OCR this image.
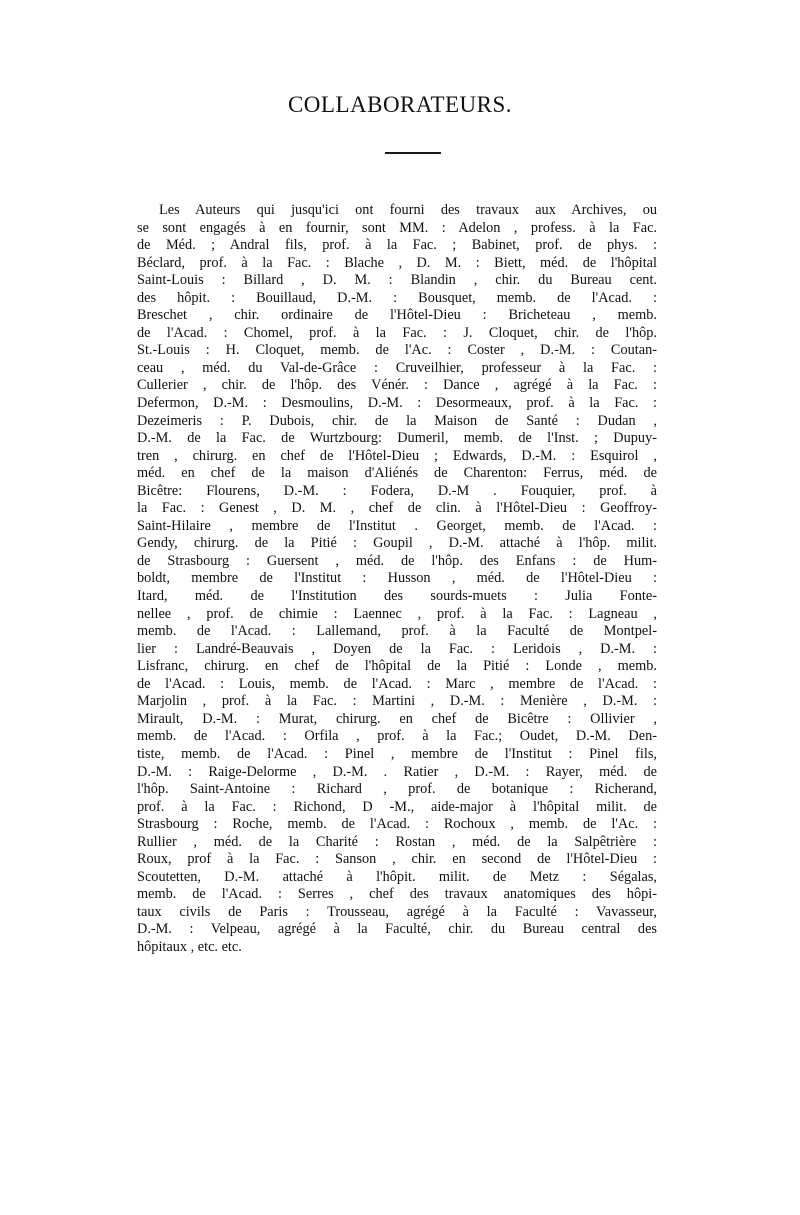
COLLABORATEURS.
Les Auteurs qui jusqu'ici ont fourni des travaux aux Archives, ou
se sont engagés à en fournir, sont MM. : Adelon , profess. à la Fac.
de Méd. ; Andral fils, prof. à la Fac. ; Babinet, prof. de phys. :
Béclard, prof. à la Fac. : Blache , D. M. : Biett, méd. de l'hôpital
Saint-Louis : Billard , D. M. : Blandin , chir. du Bureau cent.
des hôpit. : Bouillaud, D.-M. : Bousquet, memb. de l'Acad. :
Breschet , chir. ordinaire de l'Hôtel-Dieu : Bricheteau , memb.
de l'Acad. : Chomel, prof. à la Fac. : J. Cloquet, chir. de l'hôp.
St.-Louis : H. Cloquet, memb. de l'Ac. : Coster , D.-M. : Coutan-
ceau , méd. du Val-de-Grâce : Cruveilhier, professeur à la Fac. :
Cullerier , chir. de l'hôp. des Vénér. : Dance , agrégé à la Fac. :
Defermon, D.-M. : Desmoulins, D.-M. : Desormeaux, prof. à la Fac. :
Dezeimeris : P. Dubois, chir. de la Maison de Santé : Dudan ,
D.-M. de la Fac. de Wurtzbourg: Dumeril, memb. de l'Inst. ; Dupuy-
tren , chirurg. en chef de l'Hôtel-Dieu ; Edwards, D.-M. : Esquirol ,
méd. en chef de la maison d'Aliénés de Charenton: Ferrus, méd. de
Bicêtre: Flourens, D.-M. : Fodera, D.-M . Fouquier, prof. à
la Fac. : Genest , D. M. , chef de clin. à l'Hôtel-Dieu : Geoffroy-
Saint-Hilaire , membre de l'Institut . Georget, memb. de l'Acad. :
Gendy, chirurg. de la Pitié : Goupil , D.-M. attaché à l'hôp. milit.
de Strasbourg : Guersent , méd. de l'hôp. des Enfans : de Hum-
boldt, membre de l'Institut : Husson , méd. de l'Hôtel-Dieu :
Itard, méd. de l'Institution des sourds-muets : Julia Fonte-
nellee , prof. de chimie : Laennec , prof. à la Fac. : Lagneau ,
memb. de l'Acad. : Lallemand, prof. à la Faculté de Montpel-
lier : Landré-Beauvais , Doyen de la Fac. : Leridois , D.-M. :
Lisfranc, chirurg. en chef de l'hôpital de la Pitié : Londe , memb.
de l'Acad. : Louis, memb. de l'Acad. : Marc , membre de l'Acad. :
Marjolin , prof. à la Fac. : Martini , D.-M. : Menière , D.-M. :
Mirault, D.-M. : Murat, chirurg. en chef de Bicêtre : Ollivier ,
memb. de l'Acad. : Orfila , prof. à la Fac.; Oudet, D.-M. Den-
tiste, memb. de l'Acad. : Pinel , membre de l'Institut : Pinel fils,
D.-M. : Raige-Delorme , D.-M. . Ratier , D.-M. : Rayer, méd. de
l'hôp. Saint-Antoine : Richard , prof. de botanique : Richerand,
prof. à la Fac. : Richond, D -M., aide-major à l'hôpital milit. de
Strasbourg : Roche, memb. de l'Acad. : Rochoux , memb. de l'Ac. :
Rullier , méd. de la Charité : Rostan , méd. de la Salpêtrière :
Roux, prof à la Fac. : Sanson , chir. en second de l'Hôtel-Dieu :
Scoutetten, D.-M. attaché à l'hôpit. milit. de Metz : Ségalas,
memb. de l'Acad. : Serres , chef des travaux anatomiques des hôpi-
taux civils de Paris : Trousseau, agrégé à la Faculté : Vavasseur,
D.-M. : Velpeau, agrégé à la Faculté, chir. du Bureau central des
hôpitaux , etc. etc.
